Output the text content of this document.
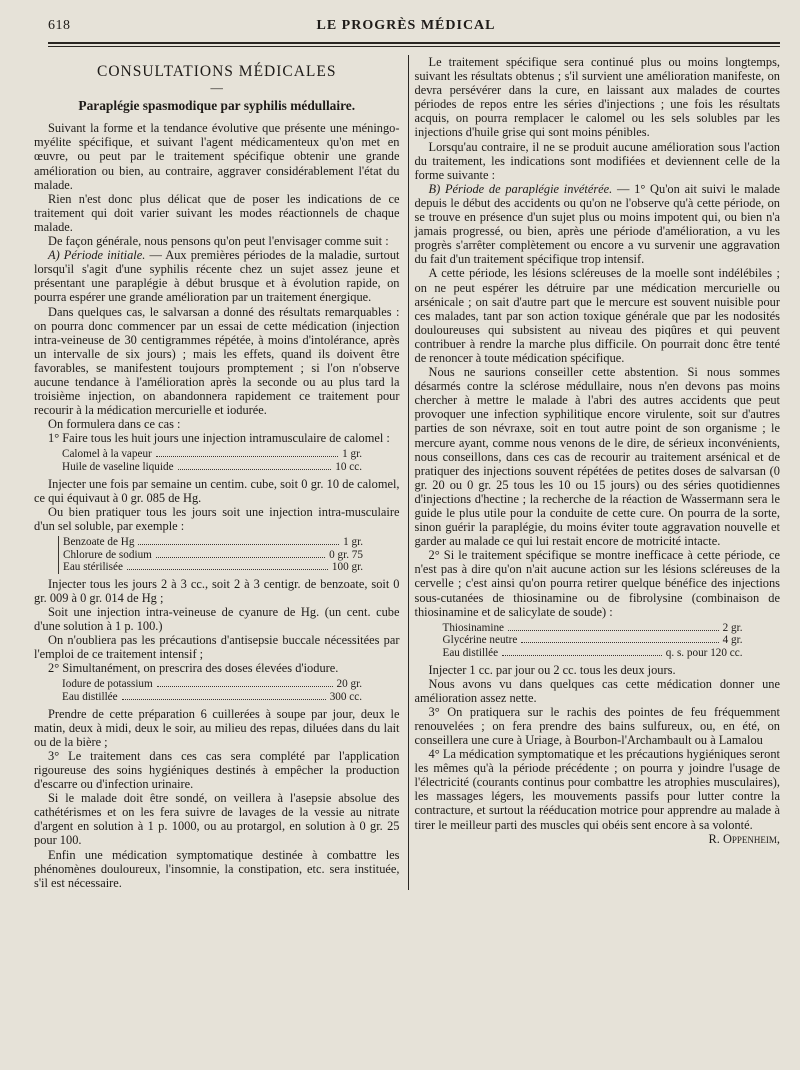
618	LE PROGRÈS MÉDICAL

CONSULTATIONS MÉDICALES

—

Paraplégie spasmodique par syphilis médullaire.

Suivant la forme et la tendance évolutive que présente une méningo-myélite spécifique, et suivant l'agent médicamenteux qu'on met en œuvre, ou peut par le traitement spécifique obtenir une grande amélioration ou bien, au contraire, aggraver considérablement l'état du malade.

Rien n'est donc plus délicat que de poser les indications de ce traitement qui doit varier suivant les modes réactionnels de chaque malade.

De façon générale, nous pensons qu'on peut l'envisager comme suit :

A) Période initiale. — Aux premières périodes de la maladie, surtout lorsqu'il s'agit d'une syphilis récente chez un sujet assez jeune et présentant une paraplégie à début brusque et à évolution rapide, on pourra espérer une grande amélioration par un traitement énergique.

Dans quelques cas, le salvarsan a donné des résultats remarquables : on pourra donc commencer par un essai de cette médication (injection intra-veineuse de 30 centigrammes répétée, à moins d'intolérance, après un intervalle de six jours) ; mais les effets, quand ils doivent être favorables, se manifestent toujours promptement ; si l'on n'observe aucune tendance à l'amélioration après la seconde ou au plus tard la troisième injection, on abandonnera rapidement ce traitement pour recourir à la médication mercurielle et iodurée.

On formulera dans ce cas :

1° Faire tous les huit jours une injection intramusculaire de calomel :

Calomel à la vapeur	1 gr.
Huile de vaseline liquide	10 cc.

Injecter une fois par semaine un centim. cube, soit 0 gr. 10 de calomel, ce qui équivaut à 0 gr. 085 de Hg.

Ou bien pratiquer tous les jours soit une injection intra-musculaire d'un sel soluble, par exemple :

Benzoate de Hg	1 gr.
Chlorure de sodium	0 gr. 75
Eau stérilisée	100 gr.

Injecter tous les jours 2 à 3 cc., soit 2 à 3 centigr. de benzoate, soit 0 gr. 009 à 0 gr. 014 de Hg ;

Soit une injection intra-veineuse de cyanure de Hg. (un cent. cube d'une solution à 1 p. 100.)

On n'oubliera pas les précautions d'antisepsie buccale nécessitées par l'emploi de ce traitement intensif ;

2° Simultanément, on prescrira des doses élevées d'iodure.

Iodure de potassium	20 gr.
Eau distillée	300 cc.

Prendre de cette préparation 6 cuillerées à soupe par jour, deux le matin, deux à midi, deux le soir, au milieu des repas, diluées dans du lait ou de la bière ;

3° Le traitement dans ces cas sera complété par l'application rigoureuse des soins hygiéniques destinés à empêcher la production d'escarre ou d'infection urinaire.

Si le malade doit être sondé, on veillera à l'asepsie absolue des cathétérismes et on les fera suivre de lavages de la vessie au nitrate d'argent en solution à 1 p. 1000, ou au protargol, en solution à 0 gr. 25 pour 100.

Enfin une médication symptomatique destinée à combattre les phénomènes douloureux, l'insomnie, la constipation, etc. sera instituée, s'il est nécessaire.

Le traitement spécifique sera continué plus ou moins longtemps, suivant les résultats obtenus ; s'il survient une amélioration manifeste, on devra persévérer dans la cure, en laissant aux malades de courtes périodes de repos entre les séries d'injections ; une fois les résultats acquis, on pourra remplacer le calomel ou les sels solubles par les injections d'huile grise qui sont moins pénibles.

Lorsqu'au contraire, il ne se produit aucune amélioration sous l'action du traitement, les indications sont modifiées et deviennent celle de la forme suivante :

B) Période de paraplégie invétérée. — 1° Qu'on ait suivi le malade depuis le début des accidents ou qu'on ne l'observe qu'à cette période, on se trouve en présence d'un sujet plus ou moins impotent qui, ou bien n'a jamais progressé, ou bien, après une période d'amélioration, a vu les progrès s'arrêter complètement ou encore a vu survenir une aggravation du fait d'un traitement spécifique trop intensif.

A cette période, les lésions scléreuses de la moelle sont indélébiles ; on ne peut espérer les détruire par une médication mercurielle ou arsénicale ; on sait d'autre part que le mercure est souvent nuisible pour ces malades, tant par son action toxique générale que par les nodosités douloureuses qui subsistent au niveau des piqûres et qui peuvent contribuer à rendre la marche plus difficile. On pourrait donc être tenté de renoncer à toute médication spécifique.

Nous ne saurions conseiller cette abstention. Si nous sommes désarmés contre la sclérose médullaire, nous n'en devons pas moins chercher à mettre le malade à l'abri des autres accidents que peut provoquer une infection syphilitique encore virulente, soit sur d'autres parties de son névraxe, soit en tout autre point de son organisme ; le mercure ayant, comme nous venons de le dire, de sérieux inconvénients, nous conseillons, dans ces cas de recourir au traitement arsénical et de pratiquer des injections souvent répétées de petites doses de salvarsan (0 gr. 20 ou 0 gr. 25 tous les 10 ou 15 jours) ou des séries quotidiennes d'injections d'hectine ; la recherche de la réaction de Wassermann sera le guide le plus utile pour la conduite de cette cure. On pourra de la sorte, sinon guérir la paraplégie, du moins éviter toute aggravation nouvelle et garder au malade ce qui lui restait encore de motricité intacte.

2° Si le traitement spécifique se montre inefficace à cette période, ce n'est pas à dire qu'on n'ait aucune action sur les lésions scléreuses de la cervelle ; c'est ainsi qu'on pourra retirer quelque bénéfice des injections sous-cutanées de thiosinamine ou de fibrolysine (combinaison de thiosinamine et de salicylate de soude) :

Thiosinamine	2 gr.
Glycérine neutre	4 gr.
Eau distillée	q. s. pour 120 cc.

Injecter 1 cc. par jour ou 2 cc. tous les deux jours.

Nous avons vu dans quelques cas cette médication donner une amélioration assez nette.

3° On pratiquera sur le rachis des pointes de feu fréquemment renouvelées ; on fera prendre des bains sulfureux, ou, en été, on conseillera une cure à Uriage, à Bourbon-l'Archambault ou à Lamalou

4° La médication symptomatique et les précautions hygiéniques seront les mêmes qu'à la période précédente ; on pourra y joindre l'usage de l'électricité (courants continus pour combattre les atrophies musculaires), les massages légers, les mouvements passifs pour lutter contre la contracture, et surtout la rééducation motrice pour apprendre au malade à tirer le meilleur parti des muscles qui obéis sent encore à sa volonté.

R. Oppenheim,
